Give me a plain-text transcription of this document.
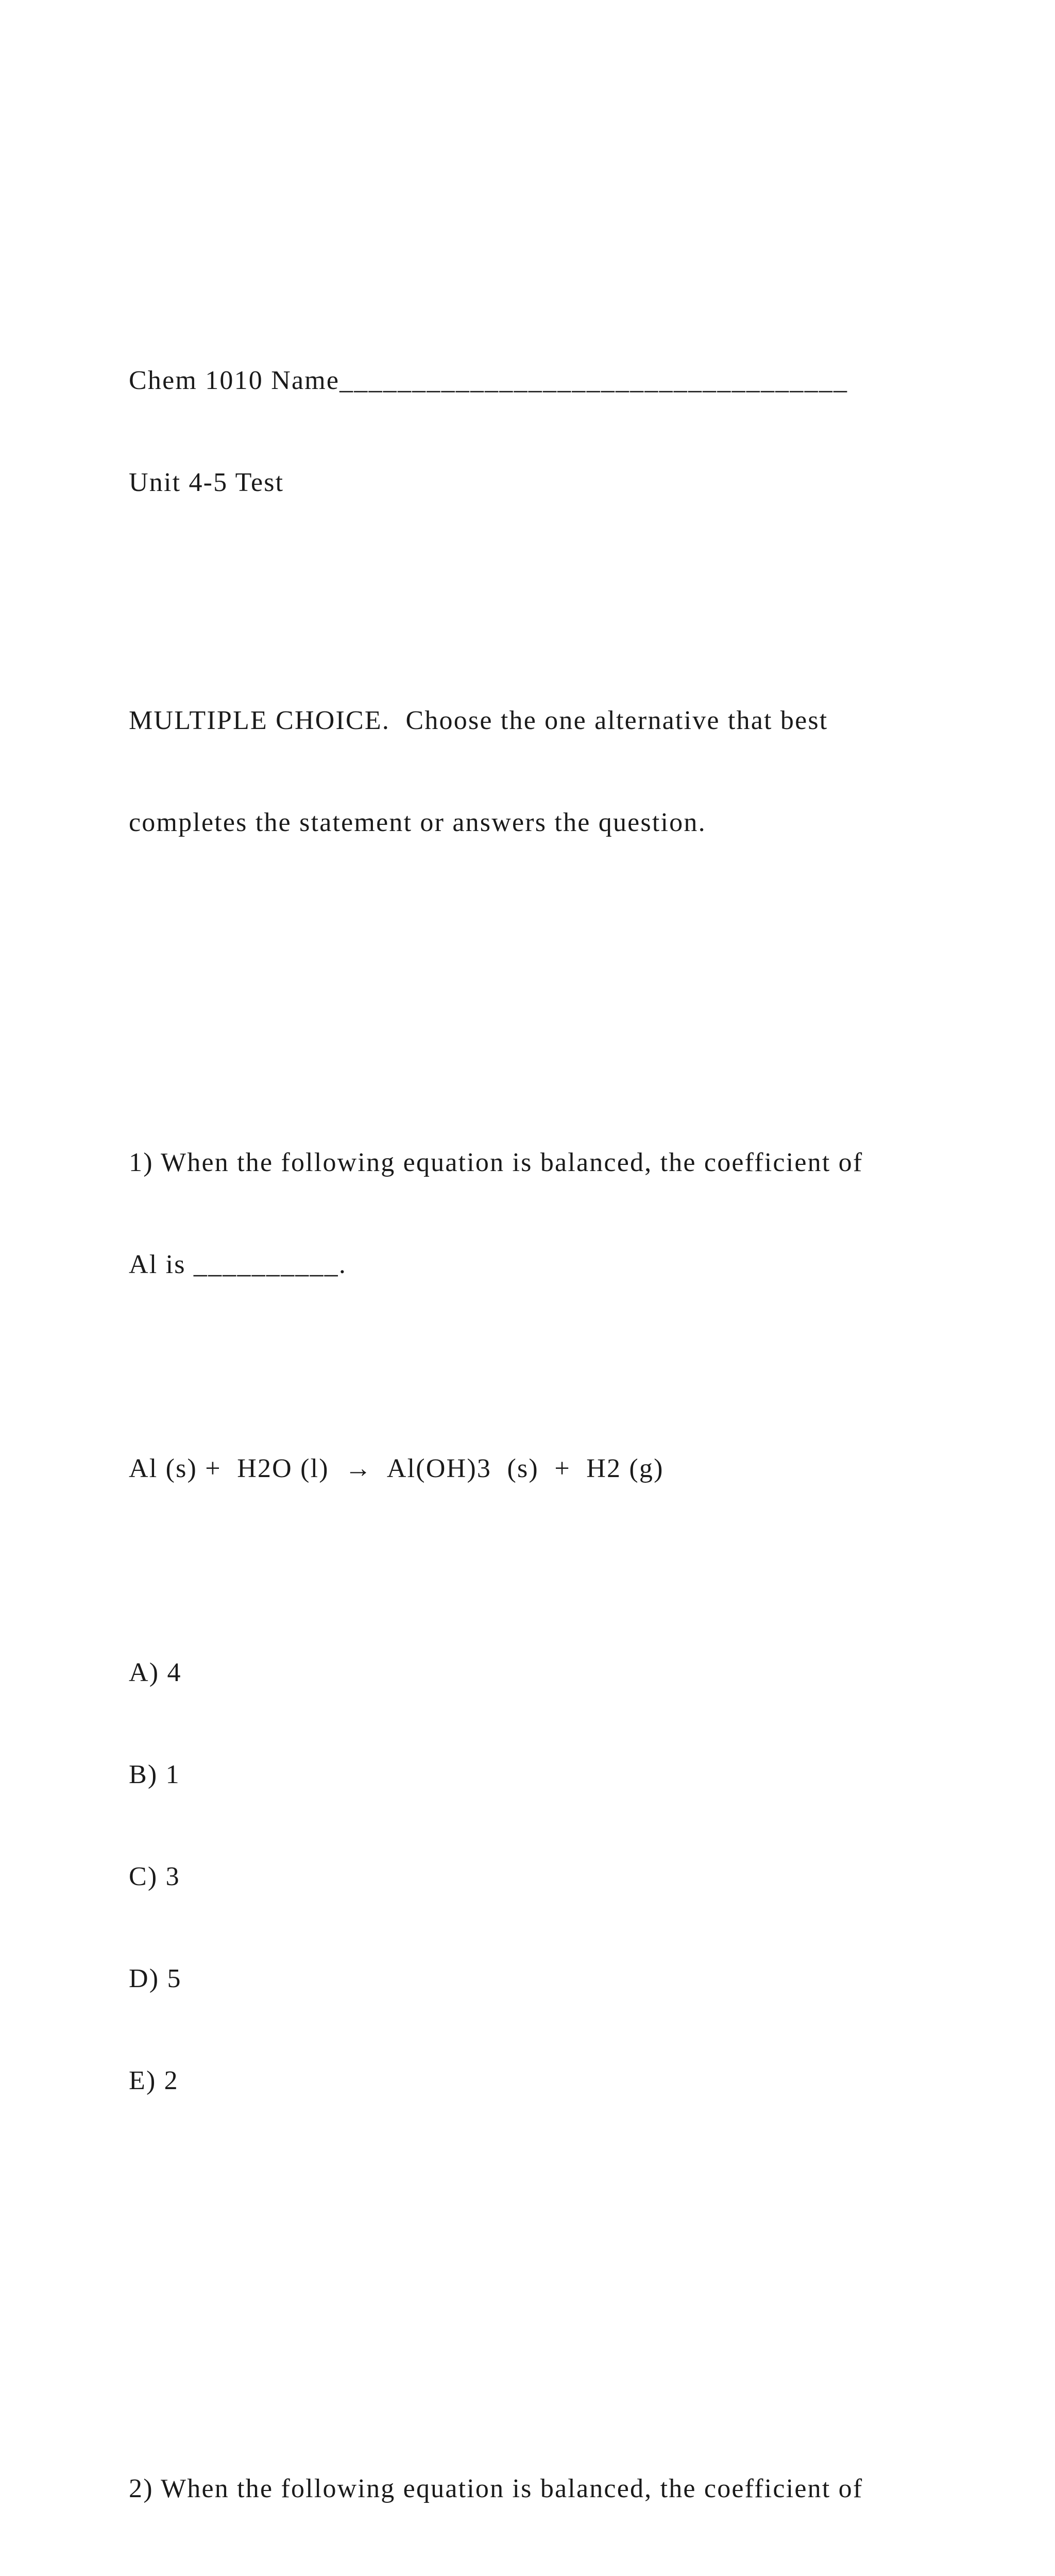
Chem 1010 Name___________________________________

Unit 4-5 Test

MULTIPLE CHOICE.  Choose the one alternative that best

completes the statement or answers the question.

1) When the following equation is balanced, the coefficient of

Al is __________.

Al (s) +  H2O (l)  →  Al(OH)3  (s)  +  H2 (g)

A) 4

B) 1

C) 3

D) 5

E) 2

2) When the following equation is balanced, the coefficient of
